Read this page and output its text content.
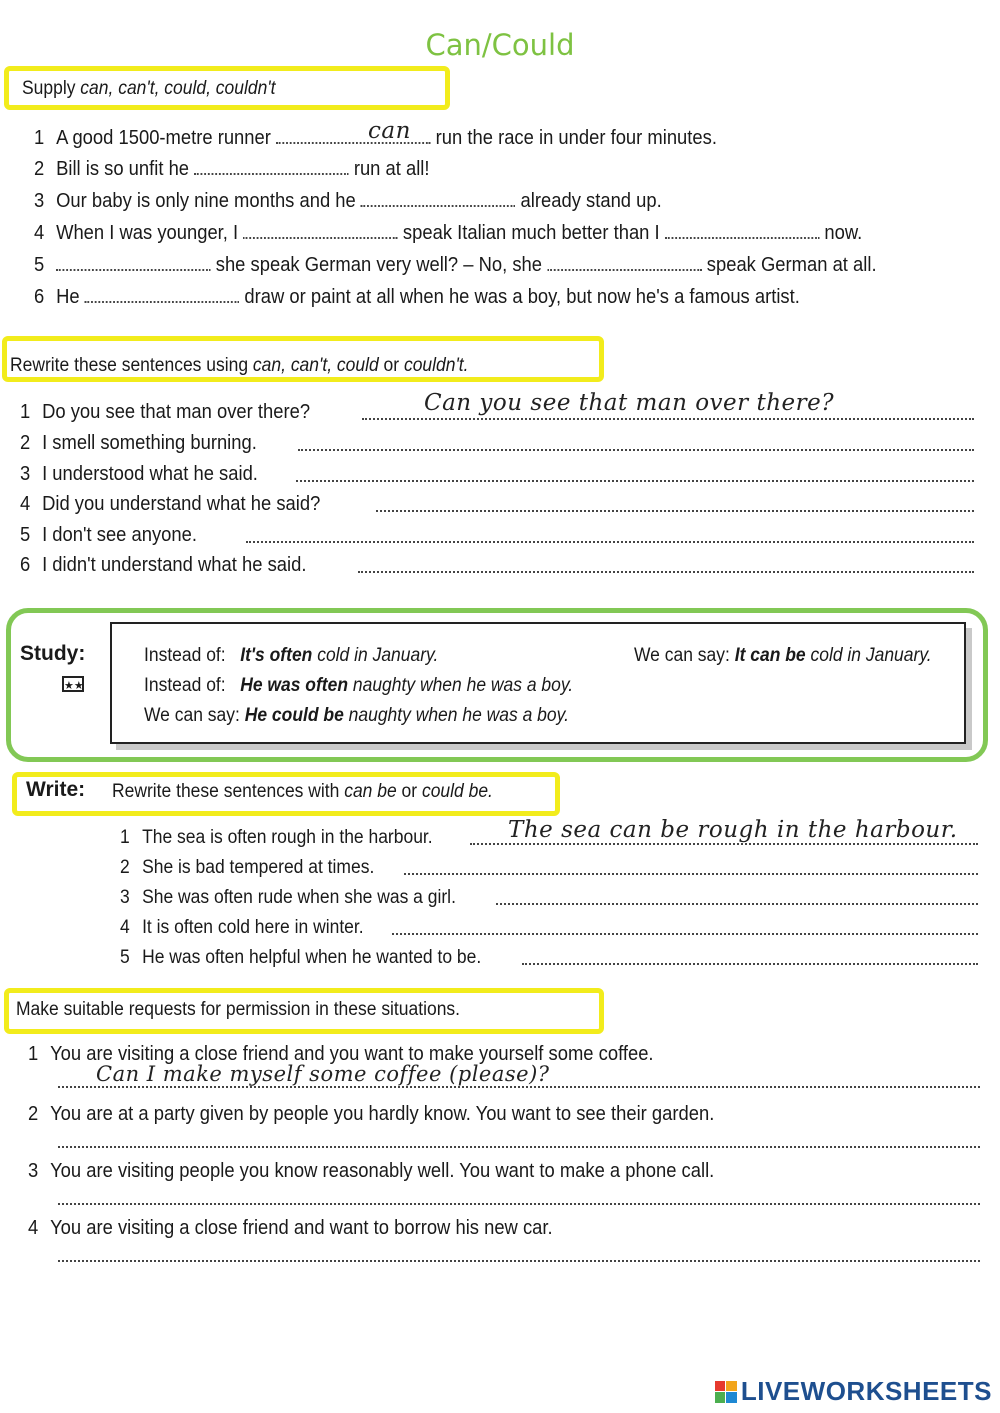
Can/Could
Supply can, can't, could, couldn't
1 A good 1500-metre runner	run the race in under four minutes.
can
2 Bill is so unfit he	run at all!
3 Our baby is only nine months and he	already stand up.
4 When I was younger, I	speak Italian much better than I	now.
5	she speak German very well? – No, she	speak German at all.
6 He	draw or paint at all when he was a boy, but now he's a famous artist.
Rewrite these sentences using can, can't, could or couldn't.
1 Do you see that man over there?	Can you see that man over there?
2 I smell something burning.
3 I understood what he said.
4 Did you understand what he said?
5 I don't see anyone.
6 I didn't understand what he said.
Study:
★★
Instead of: It's often cold in January.	We can say: It can be cold in January.
Instead of: He was often naughty when he was a boy.
We can say: He could be naughty when he was a boy.
Write: Rewrite these sentences with can be or could be.
1 The sea is often rough in the harbour.	The sea can be rough in the harbour.
2 She is bad tempered at times.
3 She was often rude when she was a girl.
4 It is often cold here in winter.
5 He was often helpful when he wanted to be.
Make suitable requests for permission in these situations.
1 You are visiting a close friend and you want to make yourself some coffee.
Can I make myself some coffee (please)?
2 You are at a party given by people you hardly know. You want to see their garden.
3 You are visiting people you know reasonably well. You want to make a phone call.
4 You are visiting a close friend and want to borrow his new car.
LIVEWORKSHEETS
